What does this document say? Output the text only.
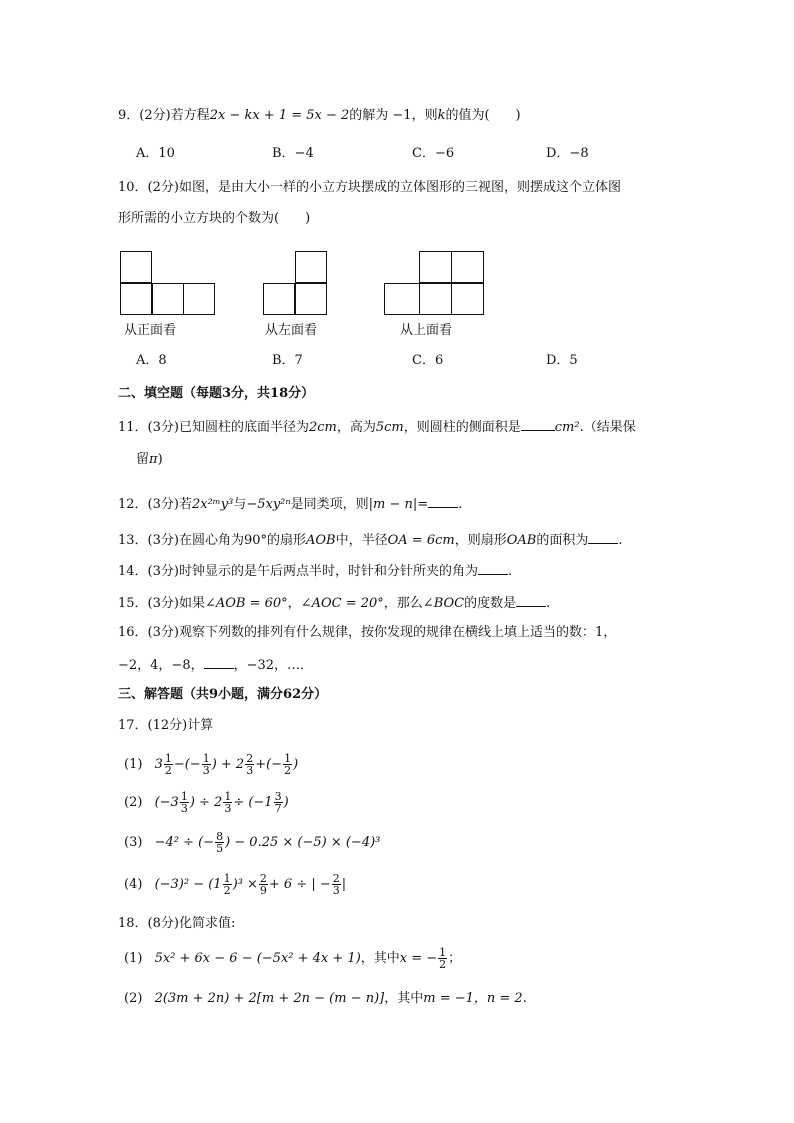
9．(2分)若方程2x − kx + 1 = 5x − 2的解为 −1，则k的值为(　　)
A．10	B．−4	C．−6	D．−8
10．(2分)如图，是由大小一样的小立方块摆成的立体图形的三视图，则摆成这个立体图
形所需的小立方块的个数为(　　)
从正面看	从左面看	从上面看
A．8	B．7	C．6	D．5
二、填空题（每题3分，共18分）
11．(3分)已知圆柱的底面半径为2cm，高为5cm，则圆柱的侧面积是	cm².（结果保
留π)
12．(3分)若2x²ᵐy³与−5xy²ⁿ是同类项，则|m − n|= .
13．(3分)在圆心角为90°的扇形AOB中，半径OA = 6cm，则扇形OAB的面积为 .
14．(3分)时钟显示的是午后两点半时，时针和分针所夹的角为 .
15．(3分)如果∠AOB = 60°，∠AOC = 20°，那么∠BOC的度数是 .
16．(3分)观察下列数的排列有什么规律，按你发现的规律在横线上填上适当的数：1，
−2，4，−8， ，−32，…．
三、解答题（共9小题，满分62分）
17．(12分)计算
(1) $3 \frac{1}{2}$ −(− $\frac{1}{3}$ ) + $2 \frac{2}{3}$ +(− $\frac{1}{2}$ )
(2) ($-3 \frac{1}{3}$ ) ÷ $2 \frac{1}{3} \div (-1 \frac{3}{7}$ )
(3) −4² ÷ (− $\frac{8}{5}$ ) − 0.25 × (−5) × (−4)³
(4) $(-3)^2 - (1 \frac{1}{2} )^3 \times \frac{2}{9} + 6$ ÷ | − $\frac{2}{3}$ |
18．(8分)化简求值:
(1) 5x² + 6x − 6 − (−5x² + 4x + 1)，其中x = − $\frac{1}{2}$ ；
(2) 2(3m + 2n) + 2[m + 2n − (m − n)]，其中m = −1，n = 2.
